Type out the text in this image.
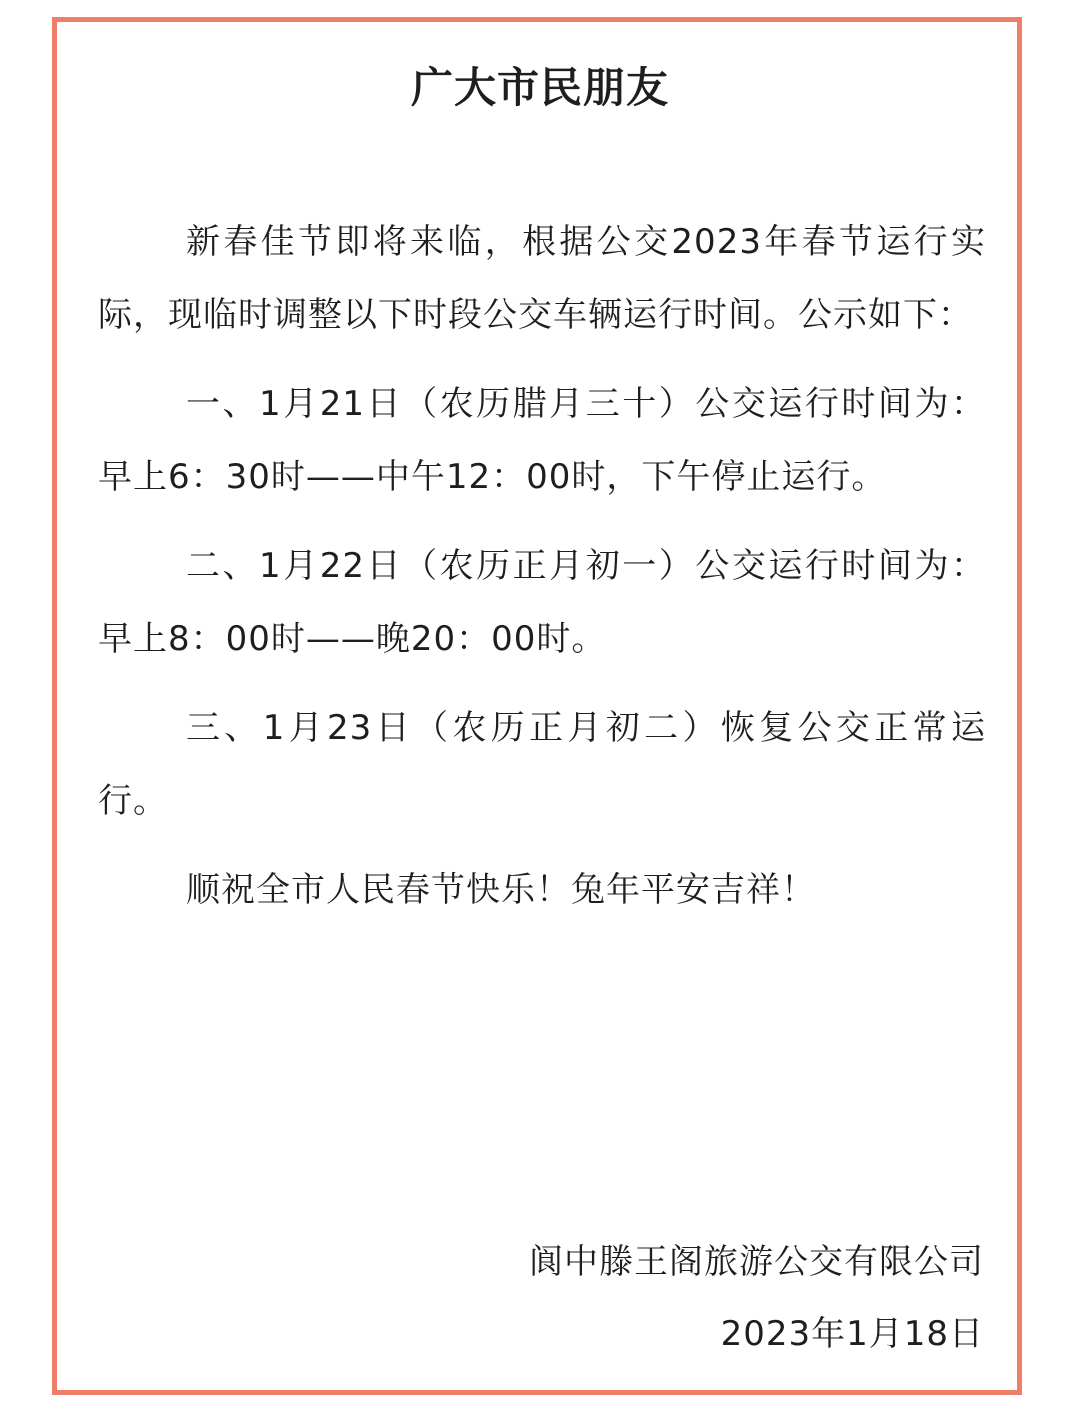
广大市民朋友

新春佳节即将来临，根据公交2023年春节运行实际，现临时调整以下时段公交车辆运行时间。公示如下：

一、1月21日（农历腊月三十）公交运行时间为：早上6：30时——中午12：00时，下午停止运行。

二、1月22日（农历正月初一）公交运行时间为：早上8：00时——晚20：00时。

三、1月23日（农历正月初二）恢复公交正常运行。

顺祝全市人民春节快乐！兔年平安吉祥！

阆中滕王阁旅游公交有限公司
2023年1月18日
